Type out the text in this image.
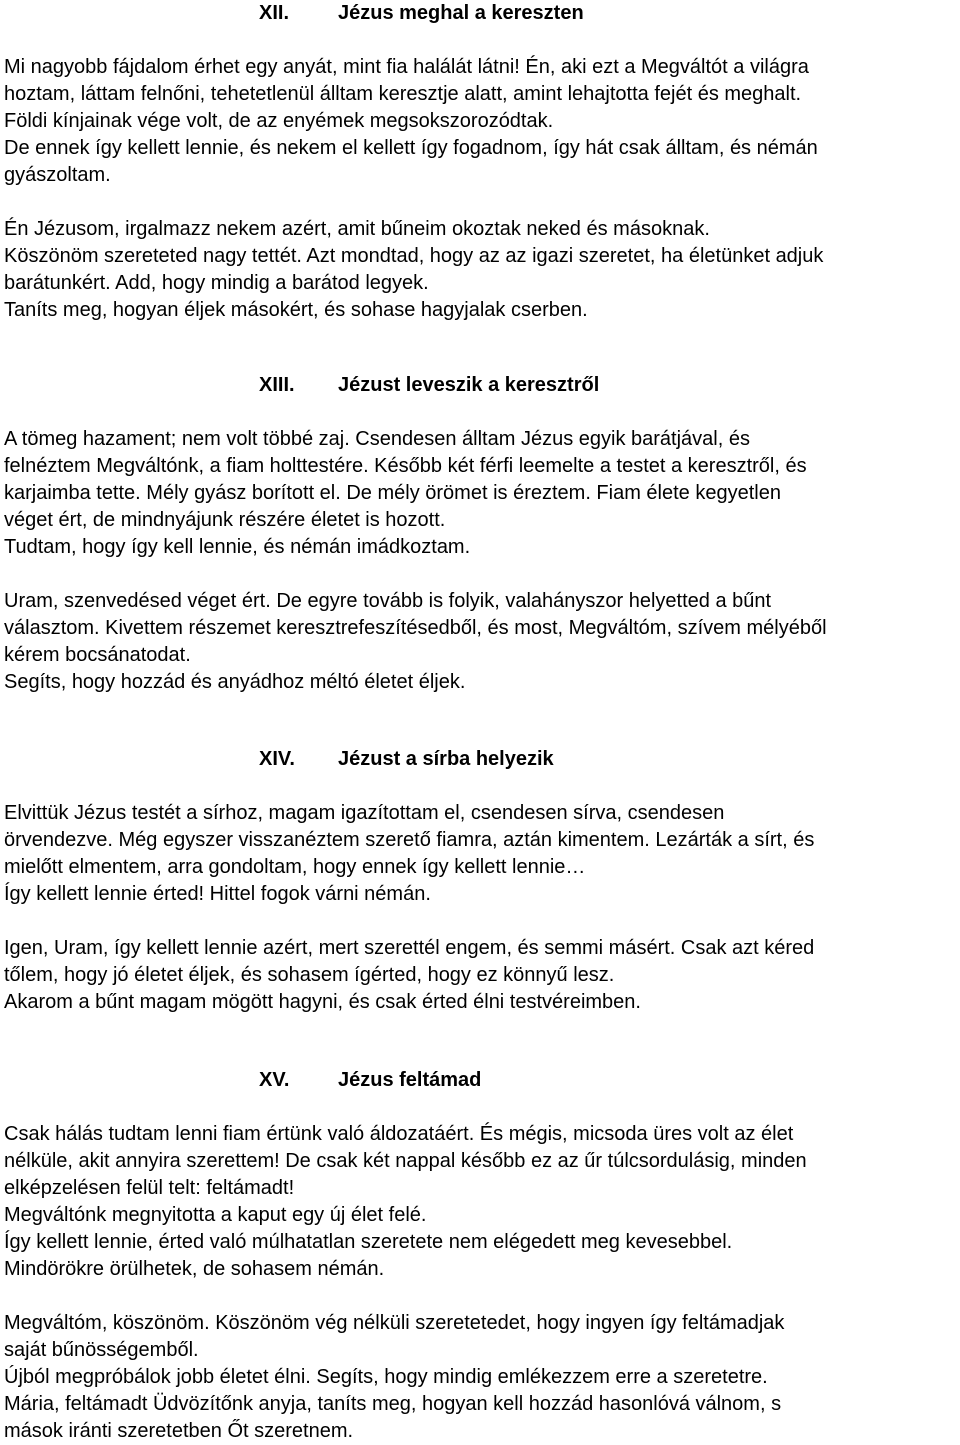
XII. Jézus meghal a kereszten
Mi nagyobb fájdalom érhet egy anyát, mint fia halálát látni! Én, aki ezt a Megváltót a világra
hoztam, láttam felnőni, tehetetlenül álltam keresztje alatt, amint lehajtotta fejét és meghalt.
Földi kínjainak vége volt, de az enyémek megsokszorozódtak.
De ennek így kellett lennie, és nekem el kellett így fogadnom, így hát csak álltam, és némán
gyászoltam.
Én Jézusom, irgalmazz nekem azért, amit bűneim okoztak neked és másoknak.
Köszönöm szereteted nagy tettét. Azt mondtad, hogy az az igazi szeretet, ha életünket adjuk
barátunkért. Add, hogy mindig a barátod legyek.
Taníts meg, hogyan éljek másokért, és sohase hagyjalak cserben.
XIII. Jézust leveszik a keresztről
A tömeg hazament; nem volt többé zaj. Csendesen álltam Jézus egyik barátjával, és
felnéztem Megváltónk, a fiam holttestére. Később két férfi leemelte a testet a keresztről, és
karjaimba tette. Mély gyász borított el. De mély örömet is éreztem. Fiam élete kegyetlen
véget ért, de mindnyájunk részére életet is hozott.
Tudtam, hogy így kell lennie, és némán imádkoztam.
Uram, szenvedésed véget ért. De egyre tovább is folyik, valahányszor helyetted a bűnt
választom. Kivettem részemet keresztrefeszítésedből, és most, Megváltóm, szívem mélyéből
kérem bocsánatodat.
Segíts, hogy hozzád és anyádhoz méltó életet éljek.
XIV. Jézust a sírba helyezik
Elvittük Jézus testét a sírhoz, magam igazítottam el, csendesen sírva, csendesen
örvendezve. Még egyszer visszanéztem szerető fiamra, aztán kimentem. Lezárták a sírt, és
mielőtt elmentem, arra gondoltam, hogy ennek így kellett lennie…
Így kellett lennie érted! Hittel fogok várni némán.
Igen, Uram, így kellett lennie azért, mert szerettél engem, és semmi másért. Csak azt kéred
tőlem, hogy jó életet éljek, és sohasem ígérted, hogy ez könnyű lesz.
Akarom a bűnt magam mögött hagyni, és csak érted élni testvéreimben.
XV. Jézus feltámad
Csak hálás tudtam lenni fiam értünk való áldozatáért. És mégis, micsoda üres volt az élet
nélküle, akit annyira szerettem! De csak két nappal később ez az űr túlcsordulásig, minden
elképzelésen felül telt: feltámadt!
Megváltónk megnyitotta a kaput egy új élet felé.
Így kellett lennie, érted való múlhatatlan szeretete nem elégedett meg kevesebbel.
Mindörökre örülhetek, de sohasem némán.
Megváltóm, köszönöm. Köszönöm vég nélküli szeretetedet, hogy ingyen így feltámadjak
saját bűnösségemből.
Újból megpróbálok jobb életet élni. Segíts, hogy mindig emlékezzem erre a szeretetre.
Mária, feltámadt Üdvözítőnk anyja, taníts meg, hogyan kell hozzád hasonlóvá válnom, s
mások iránti szeretetben Őt szeretnem.
